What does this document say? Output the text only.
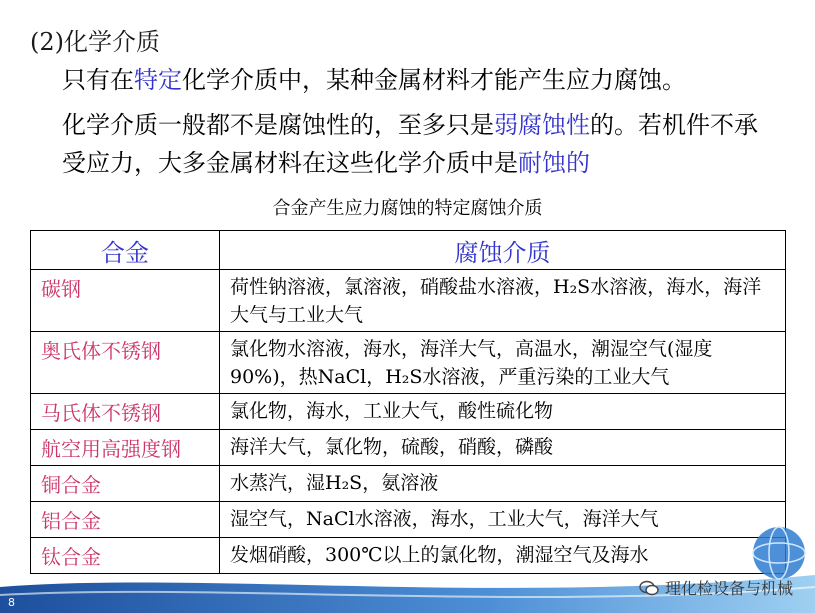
(2)化学介质
只有在特定化学介质中，某种金属材料才能产生应力腐蚀。
化学介质一般都不是腐蚀性的，至多只是弱腐蚀性的。若机件不承受应力，大多金属材料在这些化学介质中是耐蚀的
合金产生应力腐蚀的特定腐蚀介质
合金	腐蚀介质
碳钢	荷性钠溶液，氯溶液，硝酸盐水溶液，H₂S水溶液，海水，海洋大气与工业大气
奥氏体不锈钢	氯化物水溶液，海水，海洋大气，高温水，潮湿空气(湿度90%)，热NaCl，H₂S水溶液，严重污染的工业大气
马氏体不锈钢	氯化物，海水，工业大气，酸性硫化物
航空用高强度钢	海洋大气，氯化物，硫酸，硝酸，磷酸
铜合金	水蒸汽，湿H₂S，氨溶液
铝合金	湿空气，NaCl水溶液，海水，工业大气，海洋大气
钛合金	发烟硝酸，300℃以上的氯化物，潮湿空气及海水
8
理化检设备与机械
